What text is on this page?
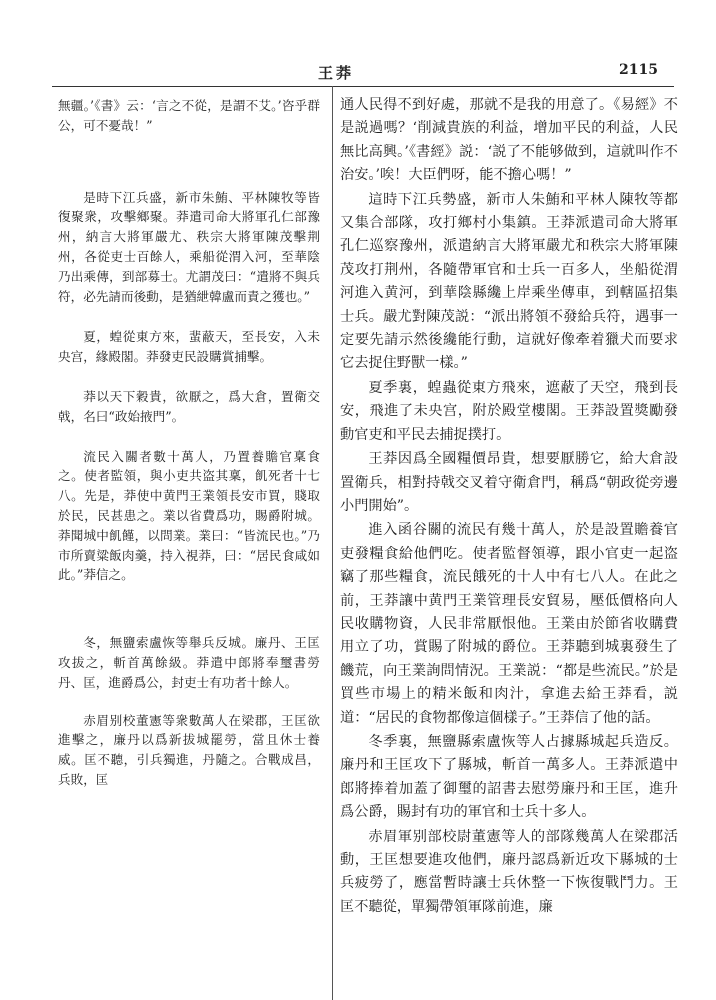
王莽	2115

無疆。’《書》云：‘言之不從，是謂不艾。’咨乎群公，可不憂哉！”

是時下江兵盛，新市朱鮪、平林陳牧等皆復聚衆，攻擊鄉聚。莽遣司命大將軍孔仁部豫州，納言大將軍嚴尤、秩宗大將軍陳茂擊荆州，各從吏士百餘人，乘船從渭入河，至華陰乃出乘傳，到部募士。尤謂茂曰：“遣將不與兵符，必先請而後動，是猶紲韓盧而責之獲也。”

夏，蝗從東方來，蜚蔽天，至長安，入未央宫，緣殿閣。莽發吏民設購賞捕擊。

莽以天下穀貴，欲厭之，爲大倉，置衛交戟，名曰“政始掖門”。

流民入關者數十萬人，乃置養贍官稟食之。使者監領，與小吏共盗其稟，飢死者十七八。先是，莽使中黄門王業領長安市買，賤取於民，民甚患之。業以省費爲功，賜爵附城。莽聞城中飢饉，以問業。業曰：“皆流民也。”乃市所賣粱飯肉羹，持入視莽，曰：“居民食咸如此。”莽信之。

冬，無鹽索盧恢等舉兵反城。廉丹、王匡攻拔之，斬首萬餘級。莽遣中郎將奉璽書勞丹、匡，進爵爲公，封吏士有功者十餘人。

赤眉别校董憲等衆數萬人在梁郡，王匡欲進擊之，廉丹以爲新拔城罷勞，當且休士養威。匡不聽，引兵獨進，丹隨之。合戰成昌，兵敗，匡

通人民得不到好處，那就不是我的用意了。《易經》不是説過嗎？‘削減貴族的利益，增加平民的利益，人民無比高興。’《書經》説：‘説了不能够做到，這就叫作不治安。’唉！大臣們呀，能不擔心嗎！”

這時下江兵勢盛，新市人朱鮪和平林人陳牧等都又集合部隊，攻打鄉村小集鎮。王莽派遣司命大將軍孔仁巡察豫州，派遣納言大將軍嚴尤和秩宗大將軍陳茂攻打荆州，各隨帶軍官和士兵一百多人，坐船從渭河進入黄河，到華陰縣纔上岸乘坐傳車，到轄區招集士兵。嚴尤對陳茂説：“派出將領不發給兵符，遇事一定要先請示然後纔能行動，這就好像牽着獵犬而要求它去捉住野獸一樣。”

夏季裏，蝗蟲從東方飛來，遮蔽了天空，飛到長安，飛進了未央宫，附於殿堂樓閣。王莽設置獎勵發動官吏和平民去捕捉撲打。

王莽因爲全國糧價昂貴，想要厭勝它，給大倉設置衛兵，相對持戟交叉着守衛倉門，稱爲“朝政從旁邊小門開始”。

進入函谷關的流民有幾十萬人，於是設置贍養官吏發糧食給他們吃。使者監督領導，跟小官吏一起盗竊了那些糧食，流民餓死的十人中有七八人。在此之前，王莽讓中黄門王業管理長安貿易，壓低價格向人民收購物資，人民非常厭恨他。王業由於節省收購費用立了功，賞賜了附城的爵位。王莽聽到城裏發生了饑荒，向王業詢問情況。王業説：“都是些流民。”於是買些市場上的精米飯和肉汁，拿進去給王莽看，説道：“居民的食物都像這個樣子。”王莽信了他的話。

冬季裏，無鹽縣索盧恢等人占據縣城起兵造反。廉丹和王匡攻下了縣城，斬首一萬多人。王莽派遣中郎將捧着加蓋了御璽的詔書去慰勞廉丹和王匡，進升爲公爵，賜封有功的軍官和士兵十多人。

赤眉軍别部校尉董憲等人的部隊幾萬人在梁郡活動，王匡想要進攻他們，廉丹認爲新近攻下縣城的士兵疲勞了，應當暫時讓士兵休整一下恢復戰鬥力。王匡不聽從，單獨帶領軍隊前進，廉
